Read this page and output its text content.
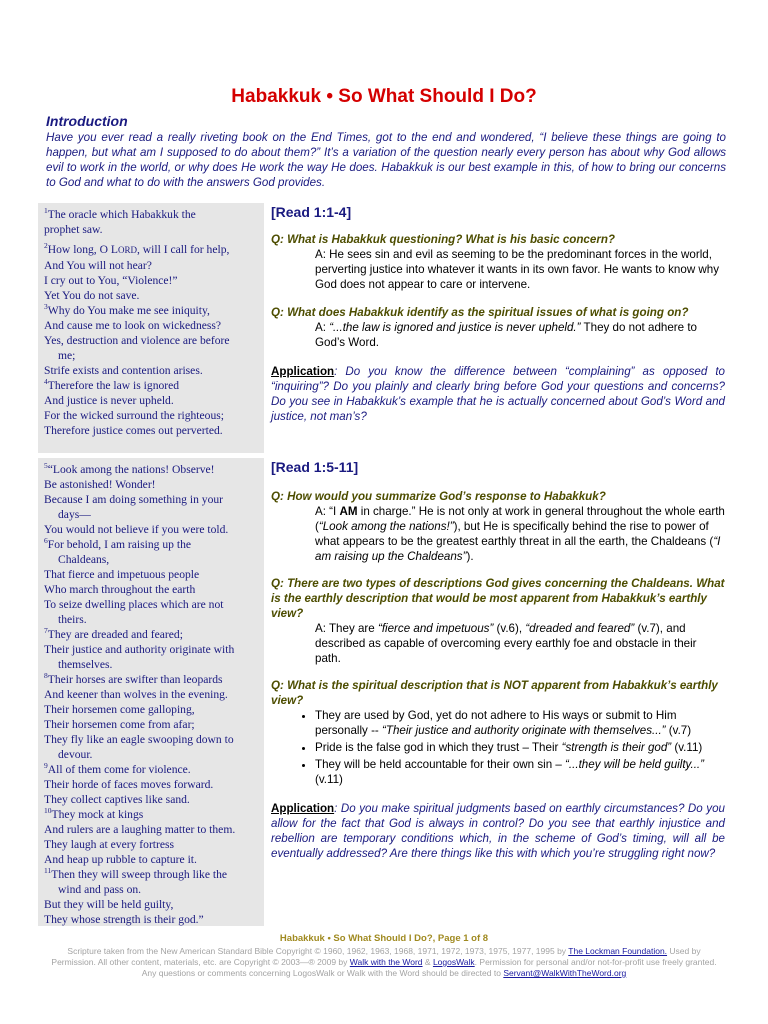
Habakkuk • So What Should I Do?
Introduction
Have you ever read a really riveting book on the End Times, got to the end and wondered, “I believe these things are going to happen, but what am I supposed to do about them?” It’s a variation of the question nearly every person has about why God allows evil to work in the world, or why does He work the way He does. Habakkuk is our best example in this, of how to bring our concerns to God and what to do with the answers God provides.
$^1$The oracle which Habakkuk the
prophet saw.
$^2$How long, O LORD, will I call for help,
And You will not hear?
I cry out to You, “Violence!”
Yet You do not save.
$^3$Why do You make me see iniquity,
And cause me to look on wickedness?
Yes, destruction and violence are before
me;
Strife exists and contention arises.
$^4$Therefore the law is ignored
And justice is never upheld.
For the wicked surround the righteous;
Therefore justice comes out perverted.
$^5$“Look among the nations! Observe!
Be astonished! Wonder!
Because I am doing something in your
days—
You would not believe if you were told.
$^6$For behold, I am raising up the
Chaldeans,
That fierce and impetuous people
Who march throughout the earth
To seize dwelling places which are not
theirs.
$^7$They are dreaded and feared;
Their justice and authority originate with
themselves.
$^8$Their horses are swifter than leopards
And keener than wolves in the evening.
Their horsemen come galloping,
Their horsemen come from afar;
They fly like an eagle swooping down to
devour.
$^9$All of them come for violence.
Their horde of faces moves forward.
They collect captives like sand.
$^{10}$They mock at kings
And rulers are a laughing matter to them.
They laugh at every fortress
And heap up rubble to capture it.
$^{11}$Then they will sweep through like the
wind and pass on.
But they will be held guilty,
They whose strength is their god.”
[Read 1:1-4]
Q: What is Habakkuk questioning? What is his basic concern?
A: He sees sin and evil as seeming to be the predominant forces in the world, perverting justice into whatever it wants in its own favor. He wants to know why God does not appear to care or intervene.
Q: What does Habakkuk identify as the spiritual issues of what is going on?
A: “...the law is ignored and justice is never upheld.” They do not adhere to God’s Word.
Application: Do you know the difference between “complaining” as opposed to “inquiring”? Do you plainly and clearly bring before God your questions and concerns? Do you see in Habakkuk’s example that he is actually concerned about God’s Word and justice, not man’s?
[Read 1:5-11]
Q: How would you summarize God’s response to Habakkuk?
A: “I AM in charge.” He is not only at work in general throughout the whole earth (“Look among the nations!”), but He is specifically behind the rise to power of what appears to be the greatest earthly threat in all the earth, the Chaldeans (“I am raising up the Chaldeans”).
Q: There are two types of descriptions God gives concerning the Chaldeans. What is the earthly description that would be most apparent from Habakkuk’s earthly view?
A: They are “fierce and impetuous” (v.6), “dreaded and feared” (v.7), and described as capable of overcoming every earthly foe and obstacle in their path.
Q: What is the spiritual description that is NOT apparent from Habakkuk’s earthly view?
• They are used by God, yet do not adhere to His ways or submit to Him personally -- “Their justice and authority originate with themselves...” (v.7)
• Pride is the false god in which they trust – Their “strength is their god” (v.11)
• They will be held accountable for their own sin – “...they will be held guilty...” (v.11)
Application: Do you make spiritual judgments based on earthly circumstances? Do you allow for the fact that God is always in control? Do you see that earthly injustice and rebellion are temporary conditions which, in the scheme of God’s timing, will all be eventually addressed? Are there things like this with which you’re struggling right now?
Habakkuk • So What Should I Do?, Page 1 of 8
Scripture taken from the New American Standard Bible Copyright © 1960, 1962, 1963, 1968, 1971, 1972, 1973, 1975, 1977, 1995 by The Lockman Foundation. Used by Permission. All other content, materials, etc. are Copyright © 2003—® 2009 by Walk with the Word & LogosWalk. Permission for personal and/or not-for-profit use freely granted. Any questions or comments concerning LogosWalk or Walk with the Word should be directed to Servant@WalkWithTheWord.org
